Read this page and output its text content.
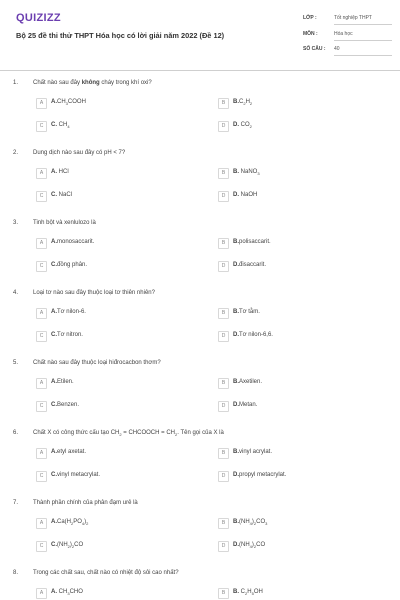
QUIZIZZ
Bộ 25 đề thi thử THPT Hóa học có lời giải năm 2022 (Đề 12)
LỚP :	Tốt nghiệp THPT
MÔN :	Hóa học
SỐ CÂU : 40
1. Chất nào sau đây không cháy trong khí oxi?
A	$A.CH_3COOH$	B	$B.C_2H_2$
C	C. $CH_4$	D	D. $CO_2$
2. Dung dịch nào sau đây có pH < 7?
A	A. HCl	B	B. NaNO$_3$
C	C. NaCl	D	D. NaOH
3. Tinh bột và xenlulozo là
A	A.monosaccarit.	B	B.polisaccarit.
C	C.đồng phân.	D	D.đisaccarit.
4. Loại tơ nào sau đây thuộc loại tơ thiên nhiên?
A	A.Tơ nilon-6.	B	B.Tơ tằm.
C	C.Tơ nitron.	D	D.Tơ nilon-6,6.
5. Chất nào sau đây thuộc loại hiđrocacbon thơm?
A	A.Etilen.	B	B.Axetilen.
C	C.Benzen.	D	D.Metan.
6. Chất X có công thức cấu tạo $CH_2$ = CHCOOCH = $CH_2$. Tên gọi của X là
A	A.etyl axetat.	B	B.vinyl acrylat.
C	C.vinyl metacrylat.	D	D.propyl metacrylat.
7. Thành phần chính của phân đạm urê là
A	$A.Ca(H_2PO_4)_2$	B	$B.(NH_4)_2CO_3$
C	$C.(NH_2)_2CO$	D	$D.(NH_4)_2CO$
8. Trong các chất sau, chất nào có nhiệt độ sôi cao nhất?
A	A. $CH_3CHO$	B	B. $C_2H_5OH$
